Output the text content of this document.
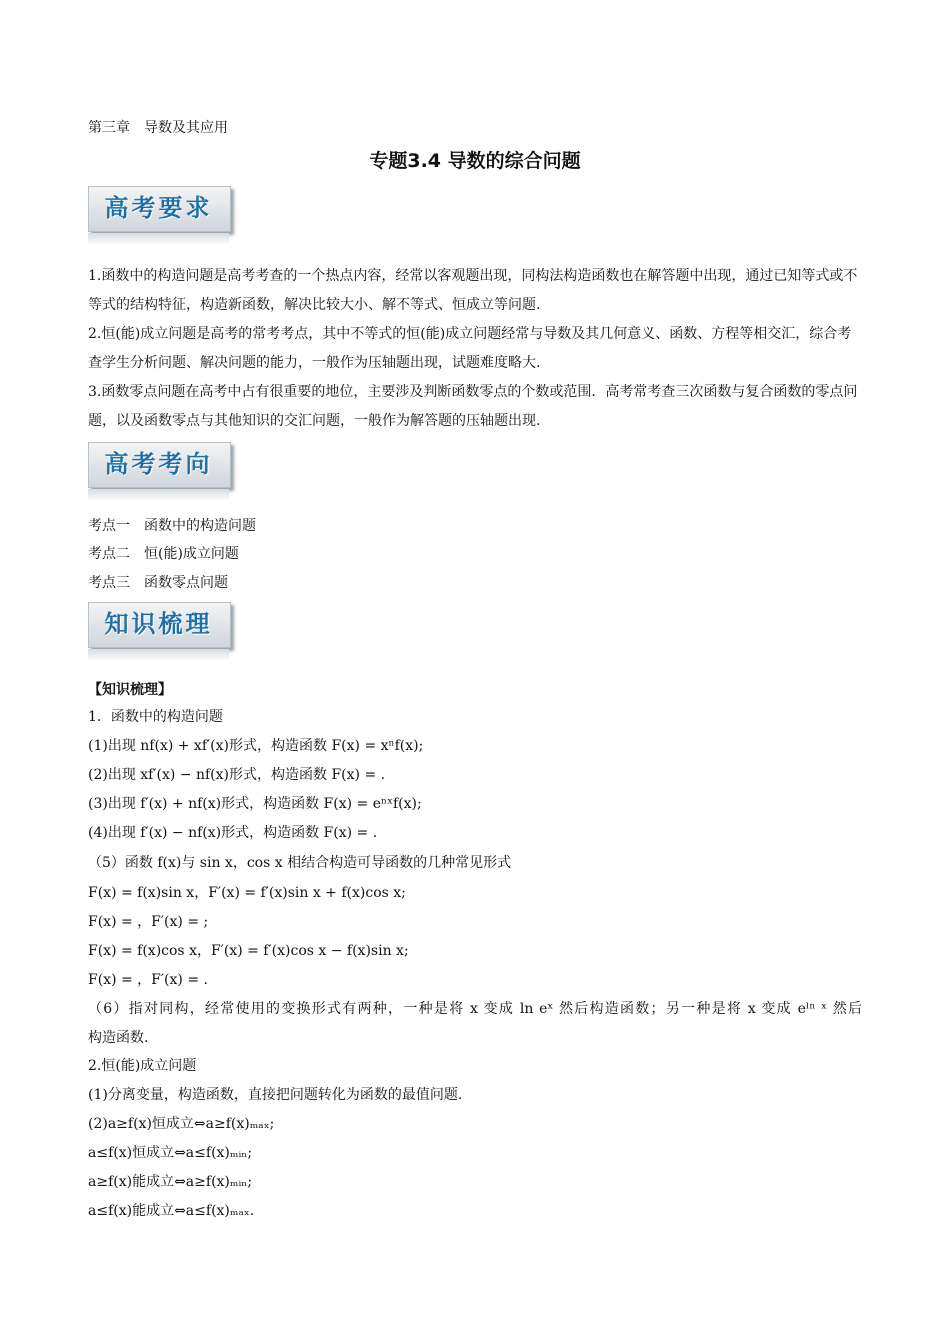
第三章　导数及其应用
专题3.4 导数的综合问题
高考要求
1.函数中的构造问题是高考考查的一个热点内容，经常以客观题出现，同构法构造函数也在解答题中出现，通过已知等式或不等式的结构特征，构造新函数，解决比较大小、解不等式、恒成立等问题.
2.恒(能)成立问题是高考的常考考点，其中不等式的恒(能)成立问题经常与导数及其几何意义、函数、方程等相交汇，综合考查学生分析问题、解决问题的能力，一般作为压轴题出现，试题难度略大.
3.函数零点问题在高考中占有很重要的地位，主要涉及判断函数零点的个数或范围．高考常考查三次函数与复合函数的零点问题，以及函数零点与其他知识的交汇问题，一般作为解答题的压轴题出现.
高考考向
考点一　函数中的构造问题
考点二　恒(能)成立问题
考点三　函数零点问题
知识梳理
【知识梳理】
1．函数中的构造问题
(1)出现 nf(x) + xf′(x)形式，构造函数 F(x) = xⁿf(x);
(2)出现 xf′(x) − nf(x)形式，构造函数 F(x) = .
(3)出现 f′(x) + nf(x)形式，构造函数 F(x) = eⁿˣf(x);
(4)出现 f′(x) − nf(x)形式，构造函数 F(x) = .
（5）函数 f(x)与 sin x，cos x 相结合构造可导函数的几种常见形式
F(x) = f(x)sin x，F′(x) = f′(x)sin x + f(x)cos x;
F(x) = ，F′(x) = ;
F(x) = f(x)cos x，F′(x) = f′(x)cos x − f(x)sin x;
F(x) = ，F′(x) = .
（6）指对同构，经常使用的变换形式有两种，一种是将 x 变成 ln eˣ 然后构造函数；另一种是将 x 变成 eˡⁿ ˣ 然后
构造函数.
2.恒(能)成立问题
(1)分离变量，构造函数，直接把问题转化为函数的最值问题.
(2)a≥f(x)恒成立⇔a≥f(x)ₘₐₓ;
a≤f(x)恒成立⇔a≤f(x)ₘᵢₙ;
a≥f(x)能成立⇔a≥f(x)ₘᵢₙ;
a≤f(x)能成立⇔a≤f(x)ₘₐₓ.
